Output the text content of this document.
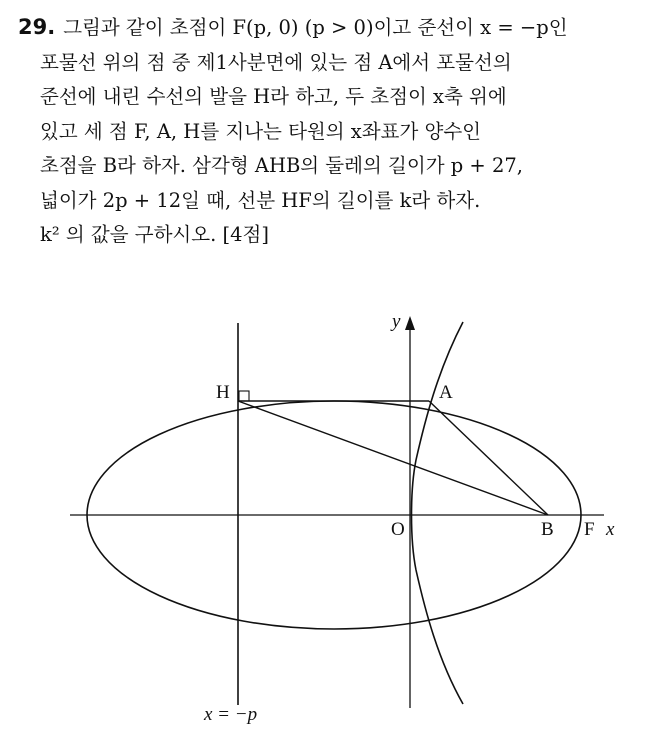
29. 그림과 같이 초점이 F(p, 0) (p > 0)이고 준선이 x = −p인
포물선 위의 점 중 제1사분면에 있는 점 A에서 포물선의
준선에 내린 수선의 발을 H라 하고, 두 초점이 x축 위에
있고 세 점 F, A, H를 지나는 타원의 x좌표가 양수인
초점을 B라 하자. 삼각형 AHB의 둘레의 길이가 p + 27,
넓이가 2p + 12일 때, 선분 HF의 길이를 k라 하자.
k² 의 값을 구하시오. [4점]
H	A
O	B F x
y
x = −p
